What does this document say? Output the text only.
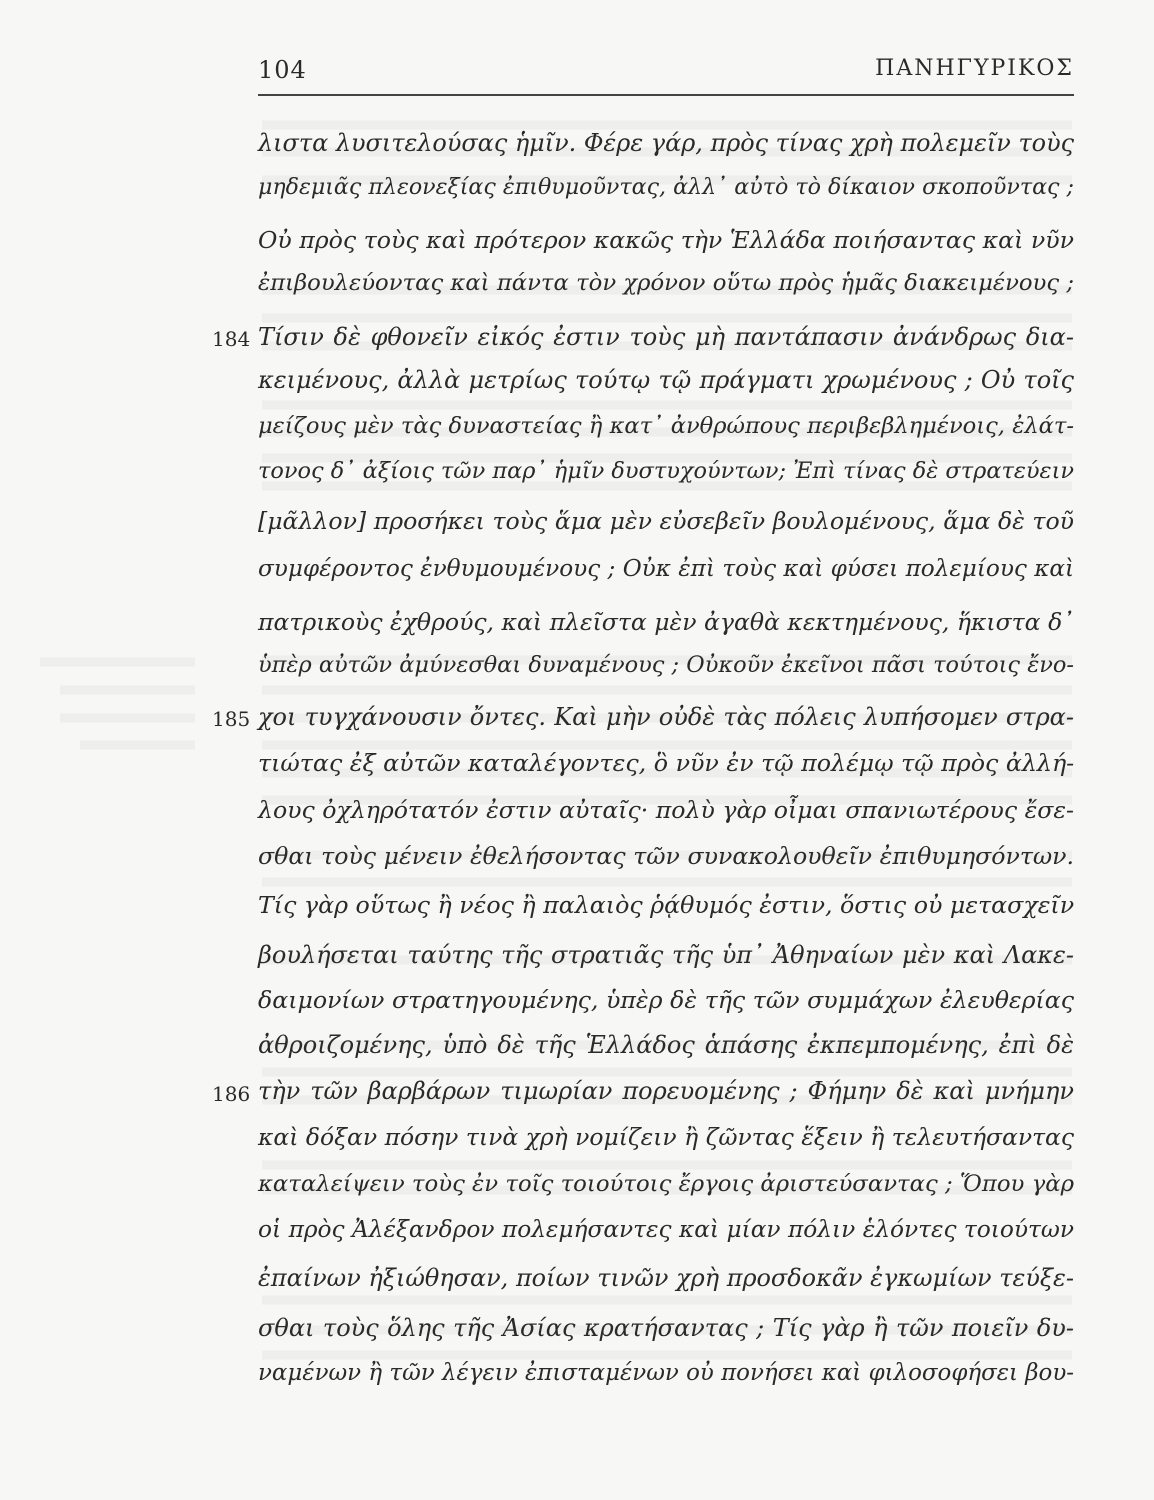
104	ΠΑΝΗΓΥΡΙΚΟΣ
λιστα λυσιτελούσας ἡμῖν. Φέρε γάρ, πρὸς τίνας χρὴ πολεμεῖν τοὺς
μηδεμιᾶς πλεονεξίας ἐπιθυμοῦντας, ἀλλ᾽ αὐτὸ τὸ δίκαιον σκοποῦντας ;
Οὐ πρὸς τοὺς καὶ πρότερον κακῶς τὴν Ἑλλάδα ποιήσαντας καὶ νῦν
ἐπιβουλεύοντας καὶ πάντα τὸν χρόνον οὕτω πρὸς ἡμᾶς διακειμένους ;
Τίσιν δὲ φθονεῖν εἰκός ἐστιν τοὺς μὴ παντάπασιν ἀνάνδρως δια-
κειμένους, ἀλλὰ μετρίως τούτῳ τῷ πράγματι χρωμένους ; Οὐ τοῖς
μείζους μὲν τὰς δυναστείας ἢ κατ᾽ ἀνθρώπους περιβεβλημένοις, ἐλάτ-
τονος δ᾽ ἀξίοις τῶν παρ᾽ ἡμῖν δυστυχούντων; Ἐπὶ τίνας δὲ στρατεύειν
[μᾶλλον] προσήκει τοὺς ἅμα μὲν εὐσεβεῖν βουλομένους, ἅμα δὲ τοῦ
συμφέροντος ἐνθυμουμένους ; Οὐκ ἐπὶ τοὺς καὶ φύσει πολεμίους καὶ
πατρικοὺς ἐχθρούς, καὶ πλεῖστα μὲν ἀγαθὰ κεκτημένους, ἥκιστα δ᾽
ὑπὲρ αὐτῶν ἀμύνεσθαι δυναμένους ; Οὐκοῦν ἐκεῖνοι πᾶσι τούτοις ἔνο-
χοι τυγχάνουσιν ὄντες. Καὶ μὴν οὐδὲ τὰς πόλεις λυπήσομεν στρα-
τιώτας ἐξ αὐτῶν καταλέγοντες, ὃ νῦν ἐν τῷ πολέμῳ τῷ πρὸς ἀλλή-
λους ὀχληρότατόν ἐστιν αὐταῖς· πολὺ γὰρ οἶμαι σπανιωτέρους ἔσε-
σθαι τοὺς μένειν ἐθελήσοντας τῶν συνακολουθεῖν ἐπιθυμησόντων.
Τίς γὰρ οὕτως ἢ νέος ἢ παλαιὸς ῥᾴθυμός ἐστιν, ὅστις οὐ μετασχεῖν
βουλήσεται ταύτης τῆς στρατιᾶς τῆς ὑπ᾽ Ἀθηναίων μὲν καὶ Λακε-
δαιμονίων στρατηγουμένης, ὑπὲρ δὲ τῆς τῶν συμμάχων ἐλευθερίας
ἀθροιζομένης, ὑπὸ δὲ τῆς Ἑλλάδος ἁπάσης ἐκπεμπομένης, ἐπὶ δὲ
τὴν τῶν βαρβάρων τιμωρίαν πορευομένης ; Φήμην δὲ καὶ μνήμην
καὶ δόξαν πόσην τινὰ χρὴ νομίζειν ἢ ζῶντας ἕξειν ἢ τελευτήσαντας
καταλείψειν τοὺς ἐν τοῖς τοιούτοις ἔργοις ἀριστεύσαντας ; Ὅπου γὰρ
οἱ πρὸς Ἀλέξανδρον πολεμήσαντες καὶ μίαν πόλιν ἑλόντες τοιούτων
ἐπαίνων ἠξιώθησαν, ποίων τινῶν χρὴ προσδοκᾶν ἐγκωμίων τεύξε-
σθαι τοὺς ὅλης τῆς Ἀσίας κρατήσαντας ; Τίς γὰρ ἢ τῶν ποιεῖν δυ-
ναμένων ἢ τῶν λέγειν ἐπισταμένων οὐ πονήσει καὶ φιλοσοφήσει βου-
184
185
186
